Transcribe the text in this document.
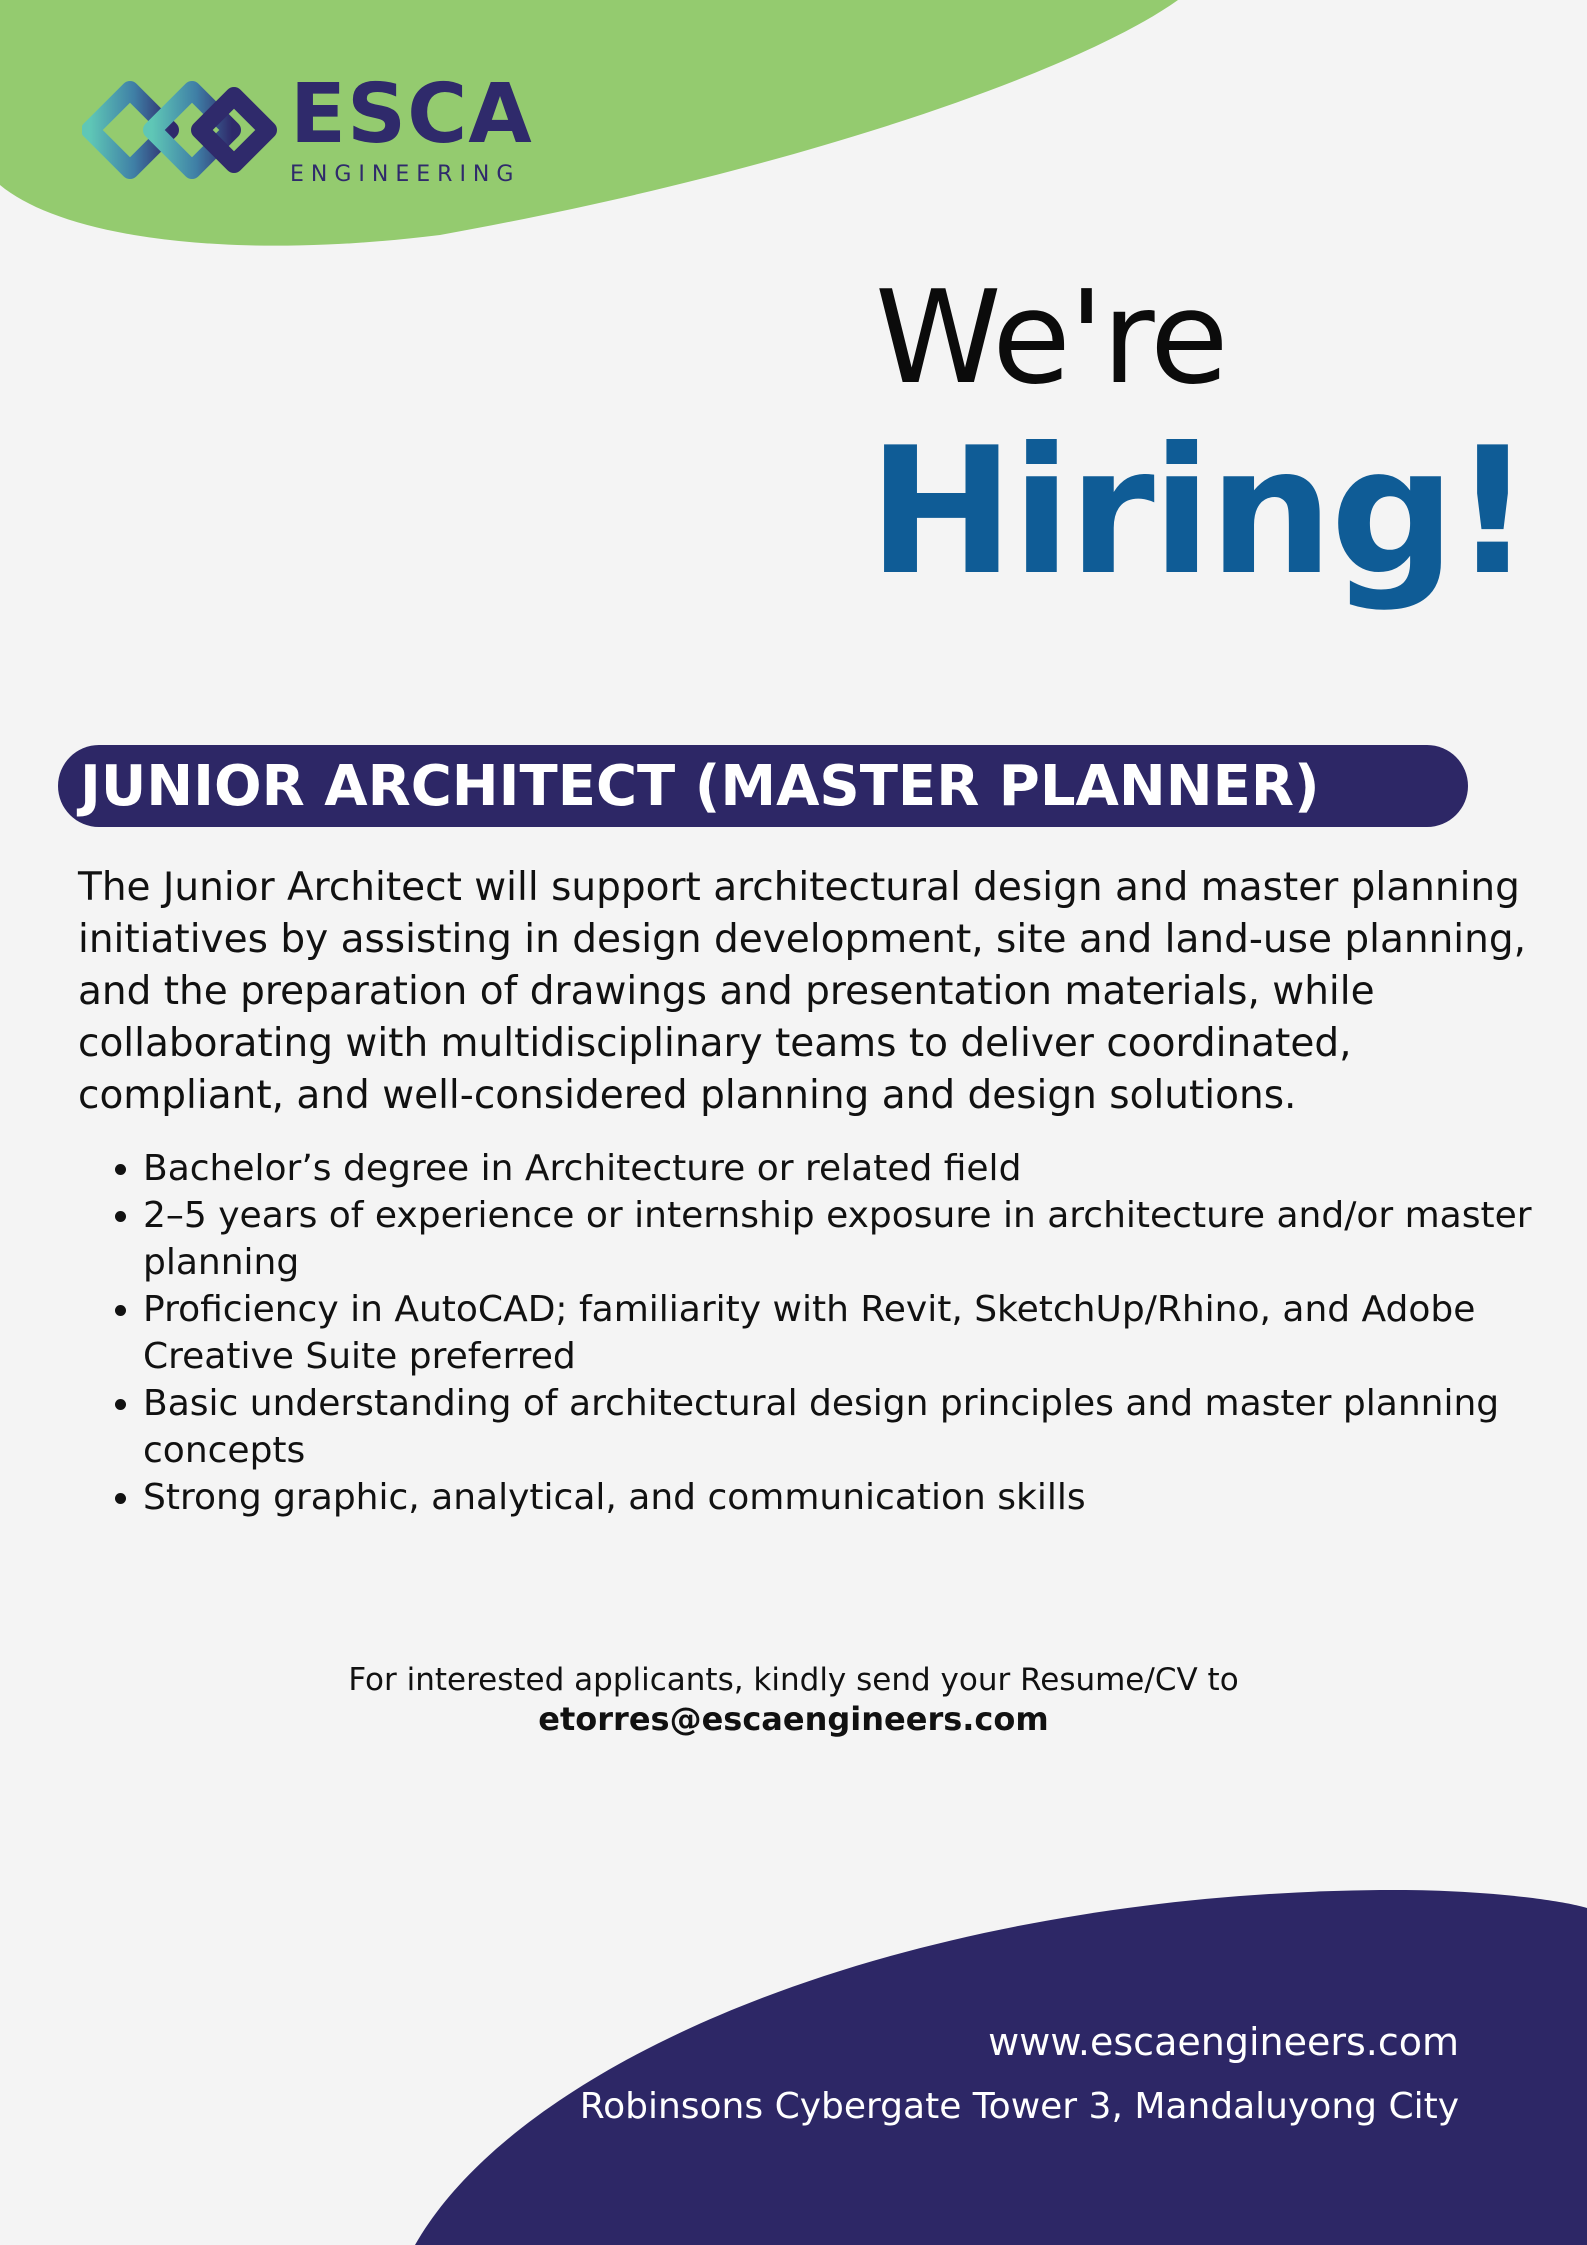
ESCA
ENGINEERING
We're
Hiring!
JUNIOR ARCHITECT (MASTER PLANNER)

The Junior Architect will support architectural design and master planning initiatives by assisting in design development, site and land-use planning, and the preparation of drawings and presentation materials, while collaborating with multidisciplinary teams to deliver coordinated, compliant, and well-considered planning and design solutions.

• Bachelor’s degree in Architecture or related field
• 2–5 years of experience or internship exposure in architecture and/or master planning
• Proficiency in AutoCAD; familiarity with Revit, SketchUp/Rhino, and Adobe Creative Suite preferred
• Basic understanding of architectural design principles and master planning concepts
• Strong graphic, analytical, and communication skills
For interested applicants, kindly send your Resume/CV to
etorres@escaengineers.com
www.escaengineers.com
Robinsons Cybergate Tower 3, Mandaluyong City
